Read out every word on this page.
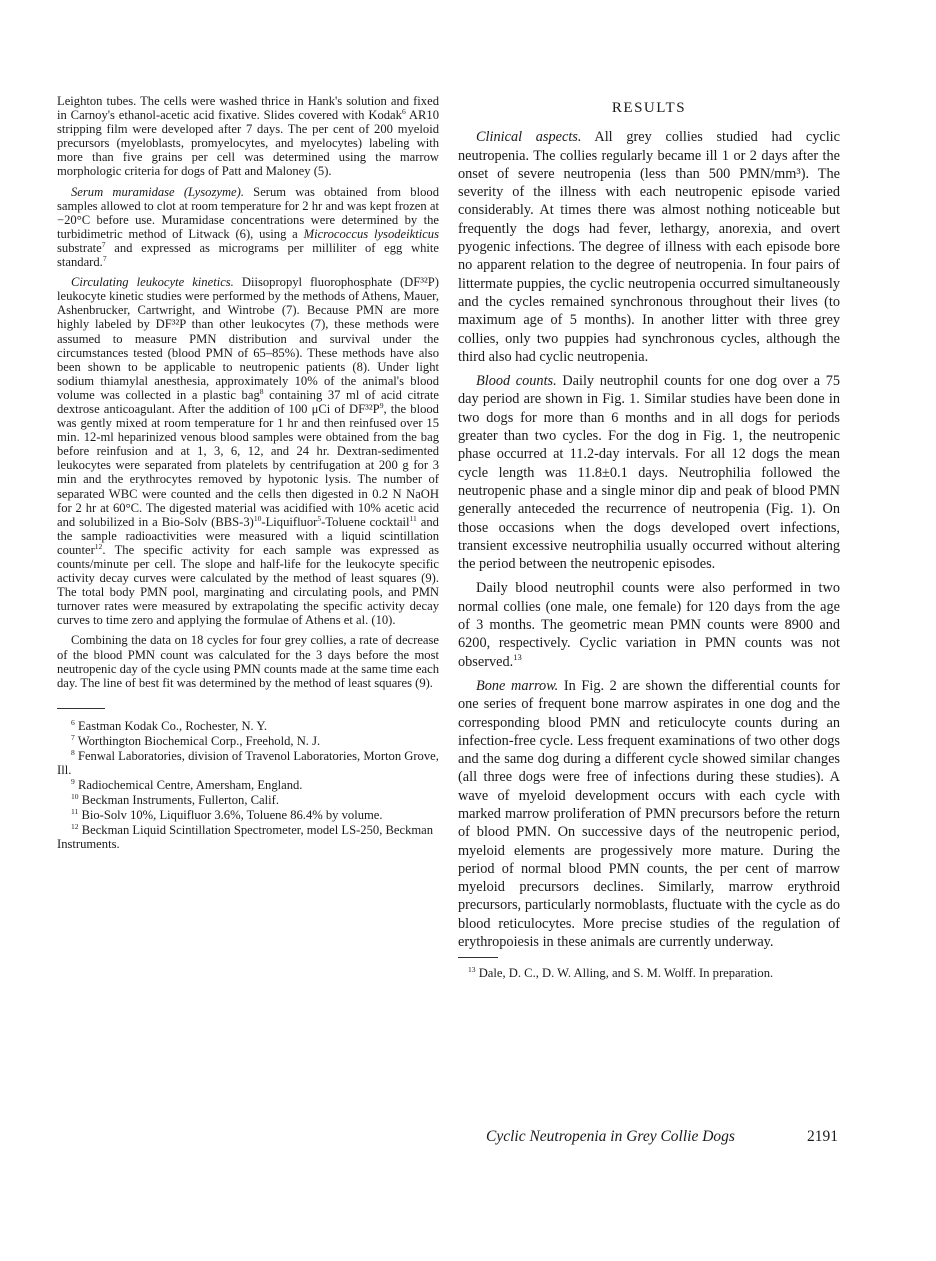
Leighton tubes. The cells were washed thrice in Hank's solution and fixed in Carnoy's ethanol-acetic acid fixative. Slides covered with Kodak$^6$ AR10 stripping film were developed after 7 days. The per cent of 200 myeloid precursors (myeloblasts, promyelocytes, and myelocytes) labeling with more than five grains per cell was determined using the marrow morphologic criteria for dogs of Patt and Maloney (5).

Serum muramidase (Lysozyme). Serum was obtained from blood samples allowed to clot at room temperature for 2 hr and was kept frozen at −20°C before use. Muramidase concentrations were determined by the turbidimetric method of Litwack (6), using a Micrococcus lysodeikticus substrate$^7$ and expressed as micrograms per milliliter of egg white standard.$^7$

Circulating leukocyte kinetics. Diisopropyl fluorophosphate (DF³²P) leukocyte kinetic studies were performed by the methods of Athens, Mauer, Ashenbrucker, Cartwright, and Wintrobe (7). Because PMN are more highly labeled by DF³²P than other leukocytes (7), these methods were assumed to measure PMN distribution and survival under the circumstances tested (blood PMN of 65–85%). These methods have also been shown to be applicable to neutropenic patients (8). Under light sodium thiamylal anesthesia, approximately 10% of the animal's blood volume was collected in a plastic bag$^8$ containing 37 ml of acid citrate dextrose anticoagulant. After the addition of 100 μCi of $DF^{32}P^9$, the blood was gently mixed at room temperature for 1 hr and then reinfused over 15 min. 12-ml heparinized venous blood samples were obtained from the bag before reinfusion and at 1, 3, 6, 12, and 24 hr. Dextran-sedimented leukocytes were separated from platelets by centrifugation at 200 g for 3 min and the erythrocytes removed by hypotonic lysis. The number of separated WBC were counted and the cells then digested in 0.2 N NaOH for 2 hr at 60°C. The digested material was acidified with 10% acetic acid and solubilized in a Bio-Solv $(BBS-3)^{10}-Liquifluor^5$-Toluene cocktail$^{11}$ and the sample radioactivities were measured with a liquid scintillation counter$^{12}$. The specific activity for each sample was expressed as counts/minute per cell. The slope and half-life for the leukocyte specific activity decay curves were calculated by the method of least squares (9). The total body PMN pool, marginating and circulating pools, and PMN turnover rates were measured by extrapolating the specific activity decay curves to time zero and applying the formulae of Athens et al. (10).

Combining the data on 18 cycles for four grey collies, a rate of decrease of the blood PMN count was calculated for the 3 days before the most neutropenic day of the cycle using PMN counts made at the same time each day. The line of best fit was determined by the method of least squares (9).

$^6$ Eastman Kodak Co., Rochester, N. Y.

$^7$ Worthington Biochemical Corp., Freehold, N. J.

$^8$ Fenwal Laboratories, division of Travenol Laboratories, Morton Grove, Ill.

$^9$ Radiochemical Centre, Amersham, England.

$^{10}$ Beckman Instruments, Fullerton, Calif.

$^{11}$ Bio-Solv 10%, Liquifluor 3.6%, Toluene 86.4% by volume.

$^{12}$ Beckman Liquid Scintillation Spectrometer, model LS-250, Beckman Instruments.

RESULTS

Clinical aspects. All grey collies studied had cyclic neutropenia. The collies regularly became ill 1 or 2 days after the onset of severe neutropenia (less than 500 PMN/mm³). The severity of the illness with each neutropenic episode varied considerably. At times there was almost nothing noticeable but frequently the dogs had fever, lethargy, anorexia, and overt pyogenic infections. The degree of illness with each episode bore no apparent relation to the degree of neutropenia. In four pairs of littermate puppies, the cyclic neutropenia occurred simultaneously and the cycles remained synchronous throughout their lives (to maximum age of 5 months). In another litter with three grey collies, only two puppies had synchronous cycles, although the third also had cyclic neutropenia.

Blood counts. Daily neutrophil counts for one dog over a 75 day period are shown in Fig. 1. Similar studies have been done in two dogs for more than 6 months and in all dogs for periods greater than two cycles. For the dog in Fig. 1, the neutropenic phase occurred at 11.2-day intervals. For all 12 dogs the mean cycle length was 11.8±0.1 days. Neutrophilia followed the neutropenic phase and a single minor dip and peak of blood PMN generally anteceded the recurrence of neutropenia (Fig. 1). On those occasions when the dogs developed overt infections, transient excessive neutrophilia usually occurred without altering the period between the neutropenic episodes.

Daily blood neutrophil counts were also performed in two normal collies (one male, one female) for 120 days from the age of 3 months. The geometric mean PMN counts were 8900 and 6200, respectively. Cyclic variation in PMN counts was not observed.$^{13}$

Bone marrow. In Fig. 2 are shown the differential counts for one series of frequent bone marrow aspirates in one dog and the corresponding blood PMN and reticulocyte counts during an infection-free cycle. Less frequent examinations of two other dogs and the same dog during a different cycle showed similar changes (all three dogs were free of infections during these studies). A wave of myeloid development occurs with each cycle with marked marrow proliferation of PMN precursors before the return of blood PMN. On successive days of the neutropenic period, myeloid elements are progessively more mature. During the period of normal blood PMN counts, the per cent of marrow myeloid precursors declines. Similarly, marrow erythroid precursors, particularly normoblasts, fluctuate with the cycle as do blood reticulocytes. More precise studies of the regulation of erythropoiesis in these animals are currently underway.

$^{13}$ Dale, D. C., D. W. Alling, and S. M. Wolff. In preparation.

Cyclic Neutropenia in Grey Collie Dogs	2191
